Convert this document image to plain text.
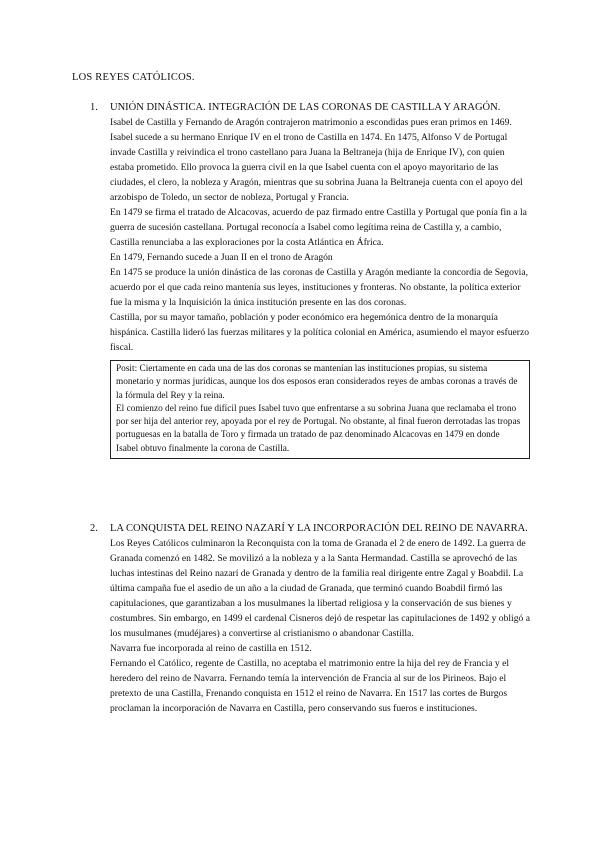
LOS REYES CATÓLICOS.
1.	UNIÓN DINÁSTICA. INTEGRACIÓN DE LAS CORONAS DE CASTILLA Y ARAGÓN.

Isabel de Castilla y Fernando de Aragón contrajeron matrimonio a escondidas pues eran primos en 1469. Isabel sucede a su hermano Enrique IV en el trono de Castilla en 1474. En 1475, Alfonso V de Portugal invade Castilla y reivindica el trono castellano para Juana la Beltraneja (hija de Enrique IV), con quien estaba prometido. Ello provoca la guerra civil en la que Isabel cuenta con el apoyo mayoritario de las ciudades, el clero, la nobleza y Aragón, mientras que su sobrina Juana la Beltraneja cuenta con el apoyo del arzobispo de Toledo, un sector de nobleza, Portugal y Francia.

En 1479 se firma el tratado de Alcacovas, acuerdo de paz firmado entre Castilla y Portugal que ponía fin a la guerra de sucesión castellana. Portugal reconocía a Isabel como legítima reina de Castilla y, a cambio, Castilla renunciaba a las exploraciones por la costa Atlántica en África.

En 1479, Fernando sucede a Juan II en el trono de Aragón

En 1475 se produce la unión dinástica de las coronas de Castilla y Aragón mediante la concordia de Segovia, acuerdo por el que cada reino mantenía sus leyes, instituciones y fronteras. No obstante, la política exterior fue la misma y la Inquisición la única institución presente en las dos coronas.

Castilla, por su mayor tamaño, población y poder económico era hegemónica dentro de la monarquía hispánica. Castilla lideró las fuerzas militares y la política colonial en América, asumiendo el mayor esfuerzo fiscal.

Posit: Ciertamente en cada una de las dos coronas se mantenían las instituciones propias, su sistema monetario y normas jurídicas, aunque los dos esposos eran considerados reyes de ambas coronas a través de la fórmula del Rey y la reina.

El comienzo del reino fue difícil pues Isabel tuvo que enfrentarse a su sobrina Juana que reclamaba el trono por ser hija del anterior rey, apoyada por el rey de Portugal. No obstante, al final fueron derrotadas las tropas portuguesas en la batalla de Toro y firmada un tratado de paz denominado Alcacovas en 1479 en donde Isabel obtuvo finalmente la corona de Castilla.

2.	LA CONQUISTA DEL REINO NAZARÍ Y LA INCORPORACIÓN DEL REINO DE NAVARRA.

Los Reyes Católicos culminaron la Reconquista con la toma de Granada el 2 de enero de 1492. La guerra de Granada comenzó en 1482. Se movilizó a la nobleza y a la Santa Hermandad. Castilla se aprovechó de las luchas intestinas del Reino nazarí de Granada y dentro de la familia real dirigente entre Zagal y Boabdil. La última campaña fue el asedio de un año a la ciudad de Granada, que terminó cuando Boabdil firmó las capitulaciones, que garantizaban a los musulmanes la libertad religiosa y la conservación de sus bienes y costumbres. Sin embargo, en 1499 el cardenal Cisneros dejó de respetar las capitulaciones de 1492 y obligó a los musulmanes (mudéjares) a convertirse al cristianismo o abandonar Castilla.

Navarra fue incorporada al reino de castilla en 1512.

Fernando el Católico, regente de Castilla, no aceptaba el matrimonio entre la hija del rey de Francia y el heredero del reino de Navarra. Fernando temía la intervención de Francia al sur de los Pirineos. Bajo el pretexto de una Castilla, Frenando conquista en 1512 el reino de Navarra. En 1517 las cortes de Burgos proclaman la incorporación de Navarra en Castilla, pero conservando sus fueros e instituciones.
